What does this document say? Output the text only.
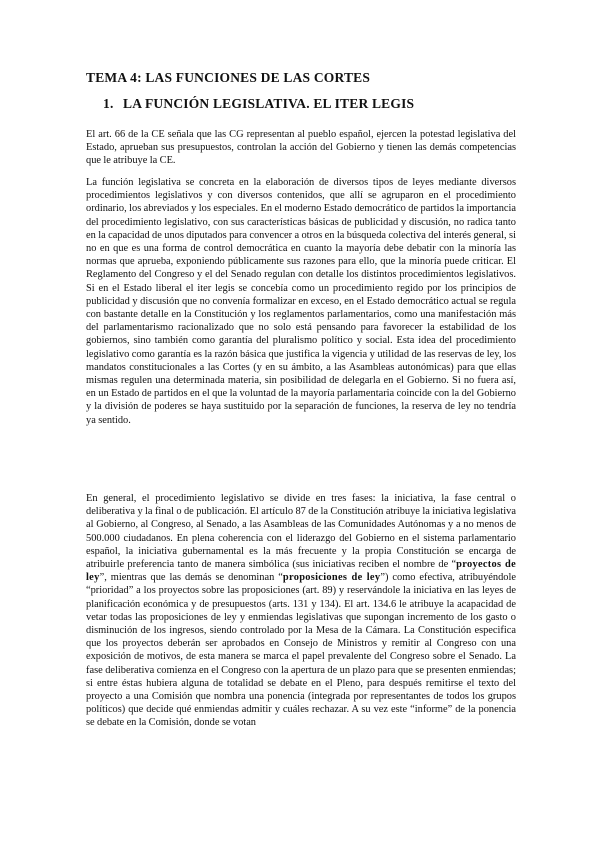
TEMA 4: LAS FUNCIONES DE LAS CORTES
1. LA FUNCIÓN LEGISLATIVA. EL ITER LEGIS
El art. 66 de la CE señala que las CG representan al pueblo español, ejercen la potestad legislativa del Estado, aprueban sus presupuestos, controlan la acción del Gobierno y tienen las demás competencias que le atribuye la CE.
La función legislativa se concreta en la elaboración de diversos tipos de leyes mediante diversos procedimientos legislativos y con diversos contenidos, que allí se agruparon en el procedimiento ordinario, los abreviados y los especiales. En el moderno Estado democrático de partidos la importancia del procedimiento legislativo, con sus características básicas de publicidad y discusión, no radica tanto en la capacidad de unos diputados para convencer a otros en la búsqueda colectiva del interés general, si no en que es una forma de control democrática en cuanto la mayoría debe debatir con la minoría las normas que aprueba, exponiendo públicamente sus razones para ello, que la minoría puede criticar. El Reglamento del Congreso y el del Senado regulan con detalle los distintos procedimientos legislativos. Si en el Estado liberal el iter legis se concebía como un procedimiento regido por los principios de publicidad y discusión que no convenía formalizar en exceso, en el Estado democrático actual se regula con bastante detalle en la Constitución y los reglamentos parlamentarios, como una manifestación más del parlamentarismo racionalizado que no solo está pensando para favorecer la estabilidad de los gobiernos, sino también como garantía del pluralismo político y social. Esta idea del procedimiento legislativo como garantía es la razón básica que justifica la vigencia y utilidad de las reservas de ley, los mandatos constitucionales a las Cortes (y en su ámbito, a las Asambleas autonómicas) para que ellas mismas regulen una determinada materia, sin posibilidad de delegarla en el Gobierno. Si no fuera así, en un Estado de partidos en el que la voluntad de la mayoría parlamentaria coincide con la del Gobierno y la división de poderes se haya sustituido por la separación de funciones, la reserva de ley no tendría ya sentido.
En general, el procedimiento legislativo se divide en tres fases: la iniciativa, la fase central o deliberativa y la final o de publicación. El artículo 87 de la Constitución atribuye la iniciativa legislativa al Gobierno, al Congreso, al Senado, a las Asambleas de las Comunidades Autónomas y a no menos de 500.000 ciudadanos. En plena coherencia con el liderazgo del Gobierno en el sistema parlamentario español, la iniciativa gubernamental es la más frecuente y la propia Constitución se encarga de atribuirle preferencia tanto de manera simbólica (sus iniciativas reciben el nombre de “proyectos de ley”, mientras que las demás se denominan “proposiciones de ley”) como efectiva, atribuyéndole “prioridad” a los proyectos sobre las proposiciones (art. 89) y reservándole la iniciativa en las leyes de planificación económica y de presupuestos (arts. 131 y 134). El art. 134.6 le atribuye la acapacidad de vetar todas las proposiciones de ley y enmiendas legislativas que supongan incremento de los gasto o disminución de los ingresos, siendo controlado por la Mesa de la Cámara. La Constitución especifica que los proyectos deberán ser aprobados en Consejo de Ministros y remitir al Congreso con una exposición de motivos, de esta manera se marca el papel prevalente del Congreso sobre el Senado. La fase deliberativa comienza en el Congreso con la apertura de un plazo para que se presenten enmiendas; si entre éstas hubiera alguna de totalidad se debate en el Pleno, para después remitirse el texto del proyecto a una Comisión que nombra una ponencia (integrada por representantes de todos los grupos políticos) que decide qué enmiendas admitir y cuáles rechazar. A su vez este “informe” de la ponencia se debate en la Comisión, donde se votan
